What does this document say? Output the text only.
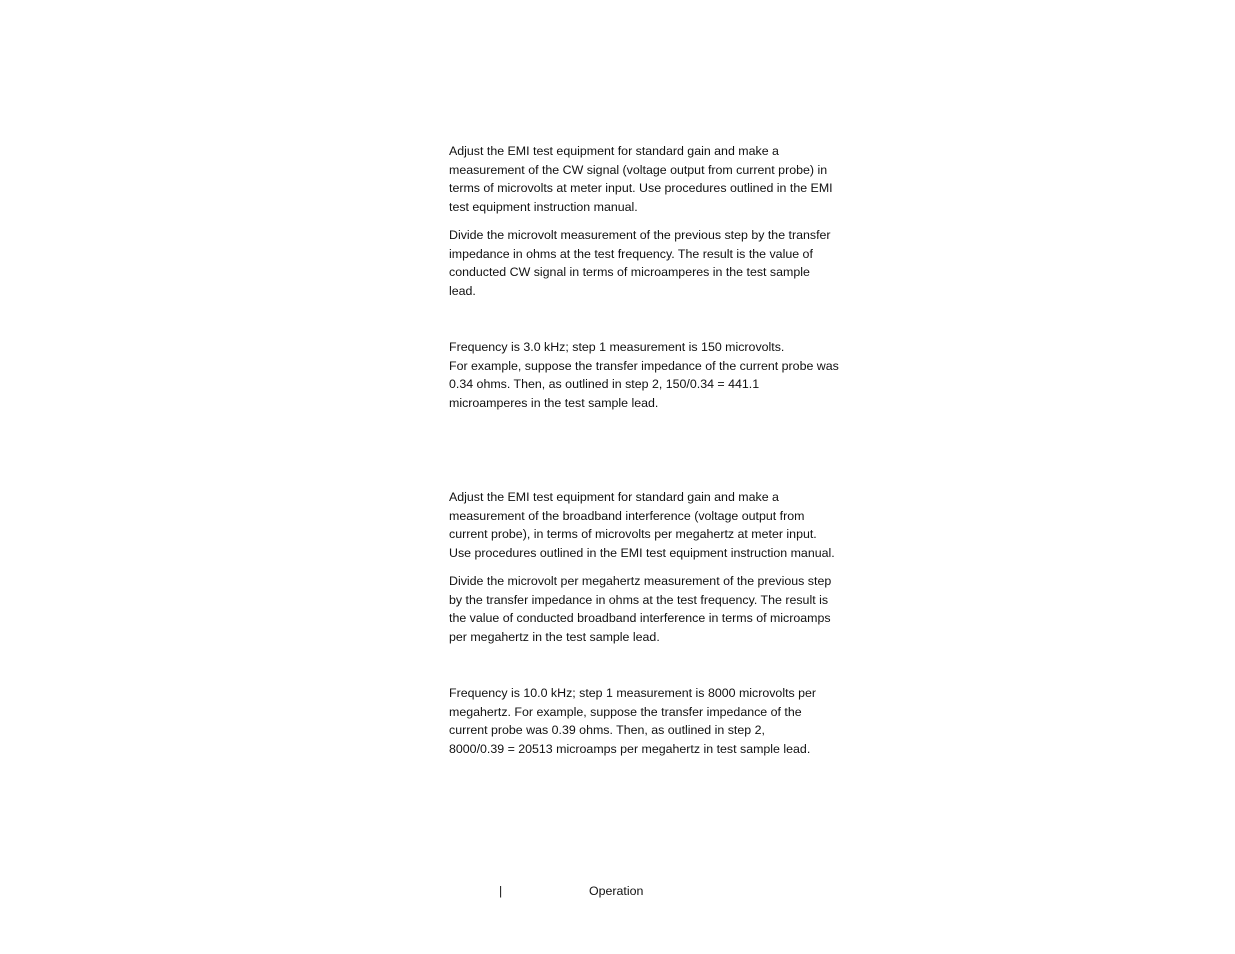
Adjust the EMI test equipment for standard gain and make a
measurement of the CW signal (voltage output from current probe) in
terms of microvolts at meter input. Use procedures outlined in the EMI
test equipment instruction manual.
Divide the microvolt measurement of the previous step by the transfer
impedance in ohms at the test frequency. The result is the value of
conducted CW signal in terms of microamperes in the test sample
lead.
Frequency is 3.0 kHz; step 1 measurement is 150 microvolts.
For example, suppose the transfer impedance of the current probe was
0.34 ohms. Then, as outlined in step 2, 150/0.34 = 441.1
microamperes in the test sample lead.
Adjust the EMI test equipment for standard gain and make a
measurement of the broadband interference (voltage output from
current probe), in terms of microvolts per megahertz at meter input.
Use procedures outlined in the EMI test equipment instruction manual.
Divide the microvolt per megahertz measurement of the previous step
by the transfer impedance in ohms at the test frequency. The result is
the value of conducted broadband interference in terms of microamps
per megahertz in the test sample lead.
Frequency is 10.0 kHz; step 1 measurement is 8000 microvolts per
megahertz. For example, suppose the transfer impedance of the
current probe was 0.39 ohms. Then, as outlined in step 2,
8000/0.39 = 20513 microamps per megahertz in test sample lead.
|	Operation
